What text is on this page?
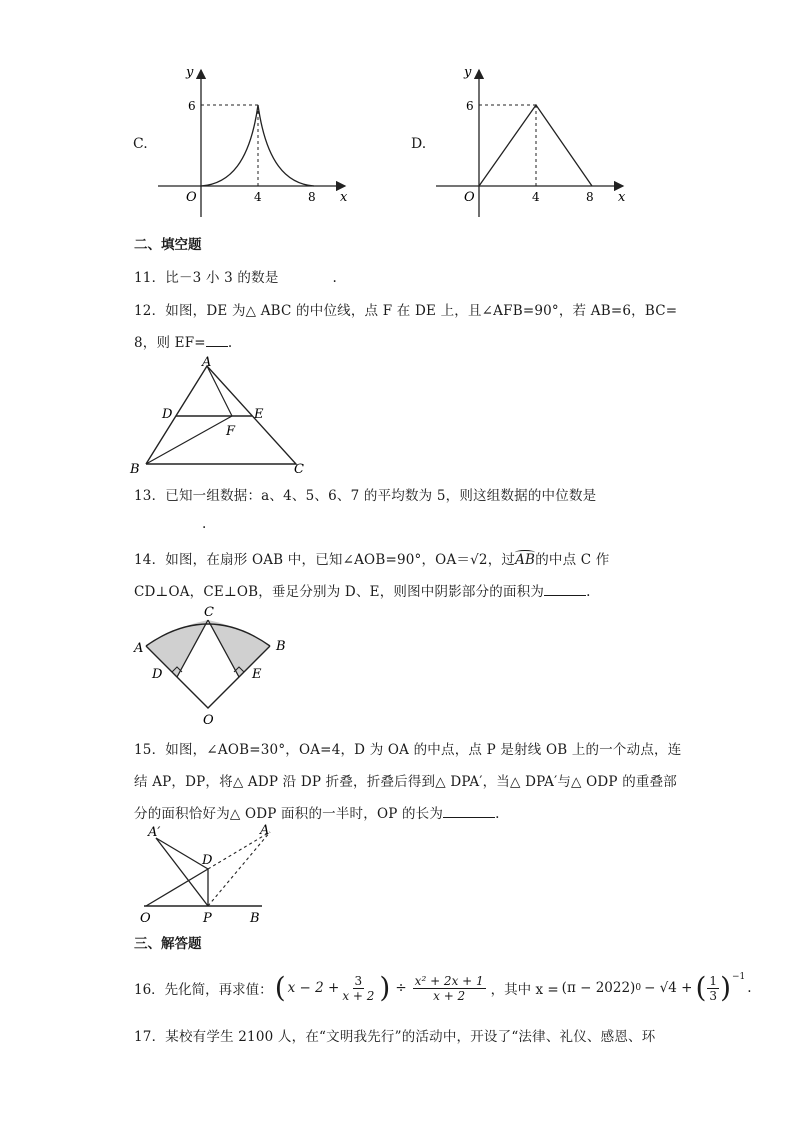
C.
y
x
O	4	8
6
D.
y
x
O	4	8
6
二、填空题
11．比－3 小 3 的数是	.
12．如图，DE 为△ ABC 的中位线，点 F 在 DE 上，且∠AFB=90°，若 AB=6，BC=
8，则 EF= .
A
B	C
D	E
F
13．已知一组数据：a、4、5、6、7 的平均数为 5，则这组数据的中位数是
.
14．如图，在扇形 OAB 中，已知∠AOB=90°，OA＝√2，过
AB的中点 C 作
CD⊥OA，CE⊥OB，垂足分别为 D、E，则图中阴影部分的面积为	.
C
A	B
D	E
O
15．如图，∠AOB=30°，OA=4，D 为 OA 的中点，点 P 是射线 OB 上的一个动点，连
结 AP，DP，将△ ADP 沿 DP 折叠，折叠后得到△ DPA′，当△ DPA′与△ ODP 的重叠部
分的面积恰好为△ ODP 面积的一半时，OP 的长为	.
A′	A
D
O	P	B
三、解答题
16．先化简，再求值： ( $x - 2 + \frac{3}{x + 2}$ ) ÷ $\frac{\text{x² + 2x + 1}}{x + 2}$ ，其中 x = (π − 2022) 0 − √4 + ( 1
3 )$^{-1}$
.
17．某校有学生 2100 人，在“文明我先行”的活动中，开设了“法律、礼仪、感恩、环
